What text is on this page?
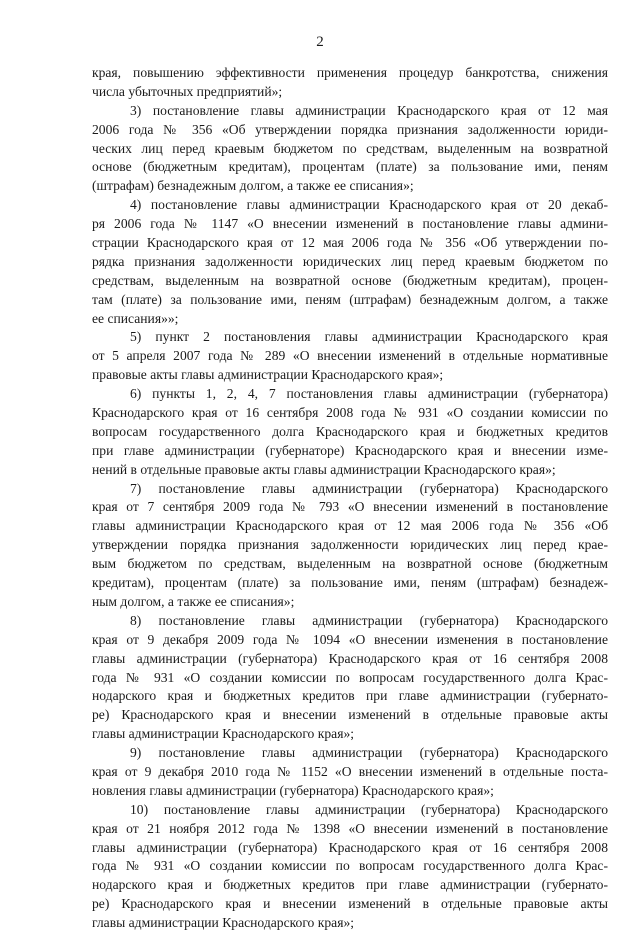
2
края, повышению эффективности применения процедур банкротства, снижения
числа убыточных предприятий»;
3) постановление главы администрации Краснодарского края от 12 мая
2006 года № 356 «Об утверждении порядка признания задолженности юриди-
ческих лиц перед краевым бюджетом по средствам, выделенным на возвратной
основе (бюджетным кредитам), процентам (плате) за пользование ими, пеням
(штрафам) безнадежным долгом, а также ее списания»;
4) постановление главы администрации Краснодарского края от 20 декаб-
ря 2006 года № 1147 «О внесении изменений в постановление главы админи-
страции Краснодарского края от 12 мая 2006 года № 356 «Об утверждении по-
рядка признания задолженности юридических лиц перед краевым бюджетом по
средствам, выделенным на возвратной основе (бюджетным кредитам), процен-
там (плате) за пользование ими, пеням (штрафам) безнадежным долгом, а также
ее списания»»;
5) пункт 2 постановления главы администрации Краснодарского края
от 5 апреля 2007 года № 289 «О внесении изменений в отдельные нормативные
правовые акты главы администрации Краснодарского края»;
6) пункты 1, 2, 4, 7 постановления главы администрации (губернатора)
Краснодарского края от 16 сентября 2008 года № 931 «О создании комиссии по
вопросам государственного долга Краснодарского края и бюджетных кредитов
при главе администрации (губернаторе) Краснодарского края и внесении изме-
нений в отдельные правовые акты главы администрации Краснодарского края»;
7) постановление главы администрации (губернатора) Краснодарского
края от 7 сентября 2009 года № 793 «О внесении изменений в постановление
главы администрации Краснодарского края от 12 мая 2006 года № 356 «Об
утверждении порядка признания задолженности юридических лиц перед крае-
вым бюджетом по средствам, выделенным на возвратной основе (бюджетным
кредитам), процентам (плате) за пользование ими, пеням (штрафам) безнадеж-
ным долгом, а также ее списания»;
8) постановление главы администрации (губернатора) Краснодарского
края от 9 декабря 2009 года № 1094 «О внесении изменения в постановление
главы администрации (губернатора) Краснодарского края от 16 сентября 2008
года № 931 «О создании комиссии по вопросам государственного долга Крас-
нодарского края и бюджетных кредитов при главе администрации (губернато-
ре) Краснодарского края и внесении изменений в отдельные правовые акты
главы администрации Краснодарского края»;
9) постановление главы администрации (губернатора) Краснодарского
края от 9 декабря 2010 года № 1152 «О внесении изменений в отдельные поста-
новления главы администрации (губернатора) Краснодарского края»;
10) постановление главы администрации (губернатора) Краснодарского
края от 21 ноября 2012 года № 1398 «О внесении изменений в постановление
главы администрации (губернатора) Краснодарского края от 16 сентября 2008
года № 931 «О создании комиссии по вопросам государственного долга Крас-
нодарского края и бюджетных кредитов при главе администрации (губернато-
ре) Краснодарского края и внесении изменений в отдельные правовые акты
главы администрации Краснодарского края»;
